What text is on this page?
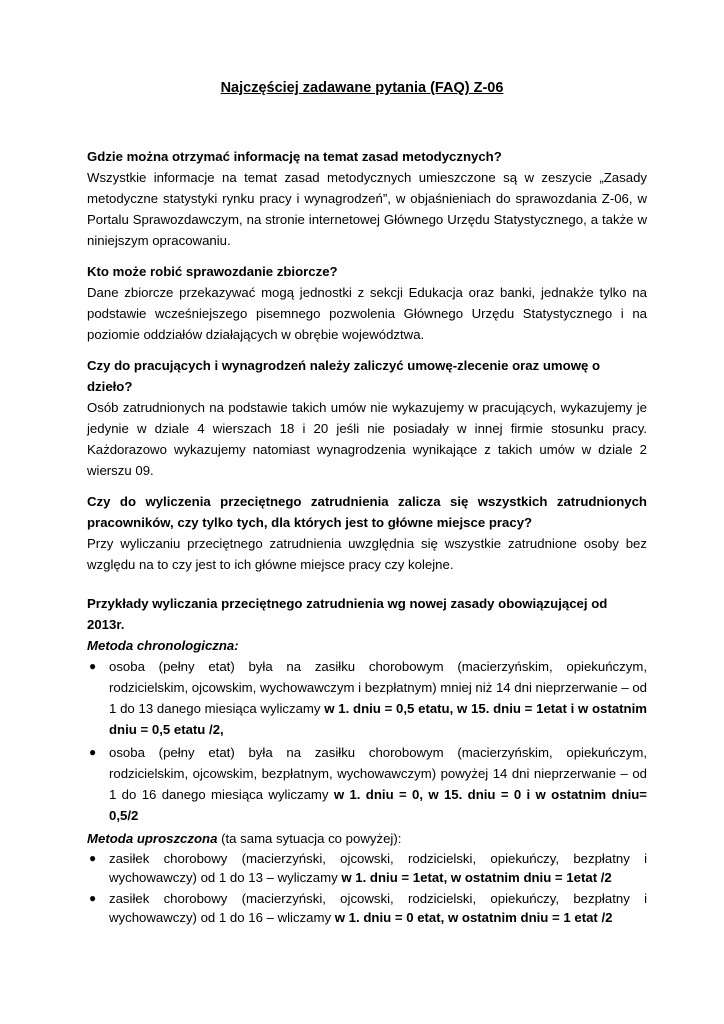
Najczęściej zadawane pytania (FAQ) Z-06

Gdzie można otrzymać informację na temat zasad metodycznych?

Wszystkie informacje na temat zasad metodycznych umieszczone są w zeszycie „Zasady metodyczne statystyki rynku pracy i wynagrodzeń”, w objaśnieniach do sprawozdania Z-06, w Portalu Sprawozdawczym, na stronie internetowej Głównego Urzędu Statystycznego, a także w niniejszym opracowaniu.

Kto może robić sprawozdanie zbiorcze?

Dane zbiorcze przekazywać mogą jednostki z sekcji Edukacja oraz banki, jednakże tylko na podstawie wcześniejszego pisemnego pozwolenia Głównego Urzędu Statystycznego i na poziomie oddziałów działających w obrębie województwa.

Czy do pracujących i wynagrodzeń należy zaliczyć umowę-zlecenie oraz umowę o dzieło?

Osób zatrudnionych na podstawie takich umów nie wykazujemy w pracujących, wykazujemy je jedynie w dziale 4 wierszach 18 i 20 jeśli nie posiadały w innej firmie stosunku pracy. Każdorazowo wykazujemy natomiast wynagrodzenia wynikające z takich umów w dziale 2 wierszu 09.

Czy do wyliczenia przeciętnego zatrudnienia zalicza się wszystkich zatrudnionych pracowników, czy tylko tych, dla których jest to główne miejsce pracy?

Przy wyliczaniu przeciętnego zatrudnienia uwzględnia się wszystkie zatrudnione osoby bez względu na to czy jest to ich główne miejsce pracy czy kolejne.

Przykłady wyliczania przeciętnego zatrudnienia wg nowej zasady obowiązującej od 2013r.

Metoda chronologiczna:

● osoba (pełny etat) była na zasiłku chorobowym (macierzyńskim, opiekuńczym, rodzicielskim, ojcowskim, wychowawczym i bezpłatnym) mniej niż 14 dni nieprzerwanie – od 1 do 13 danego miesiąca wyliczamy w 1. dniu = 0,5 etatu, w 15. dniu = 1etat i w ostatnim dniu = 0,5 etatu /2,
● osoba (pełny etat) była na zasiłku chorobowym (macierzyńskim, opiekuńczym, rodzicielskim, ojcowskim, bezpłatnym, wychowawczym) powyżej 14 dni nieprzerwanie – od 1 do 16 danego miesiąca wyliczamy w 1. dniu = 0, w 15. dniu = 0 i w ostatnim dniu= 0,5/2

Metoda uproszczona (ta sama sytuacja co powyżej):

● zasiłek chorobowy (macierzyński, ojcowski, rodzicielski, opiekuńczy, bezpłatny i wychowawczy) od 1 do 13 – wyliczamy w 1. dniu = 1etat, w ostatnim dniu = 1etat /2
● zasiłek chorobowy (macierzyński, ojcowski, rodzicielski, opiekuńczy, bezpłatny i wychowawczy) od 1 do 16 – wliczamy w 1. dniu = 0 etat, w ostatnim dniu = 1 etat /2
